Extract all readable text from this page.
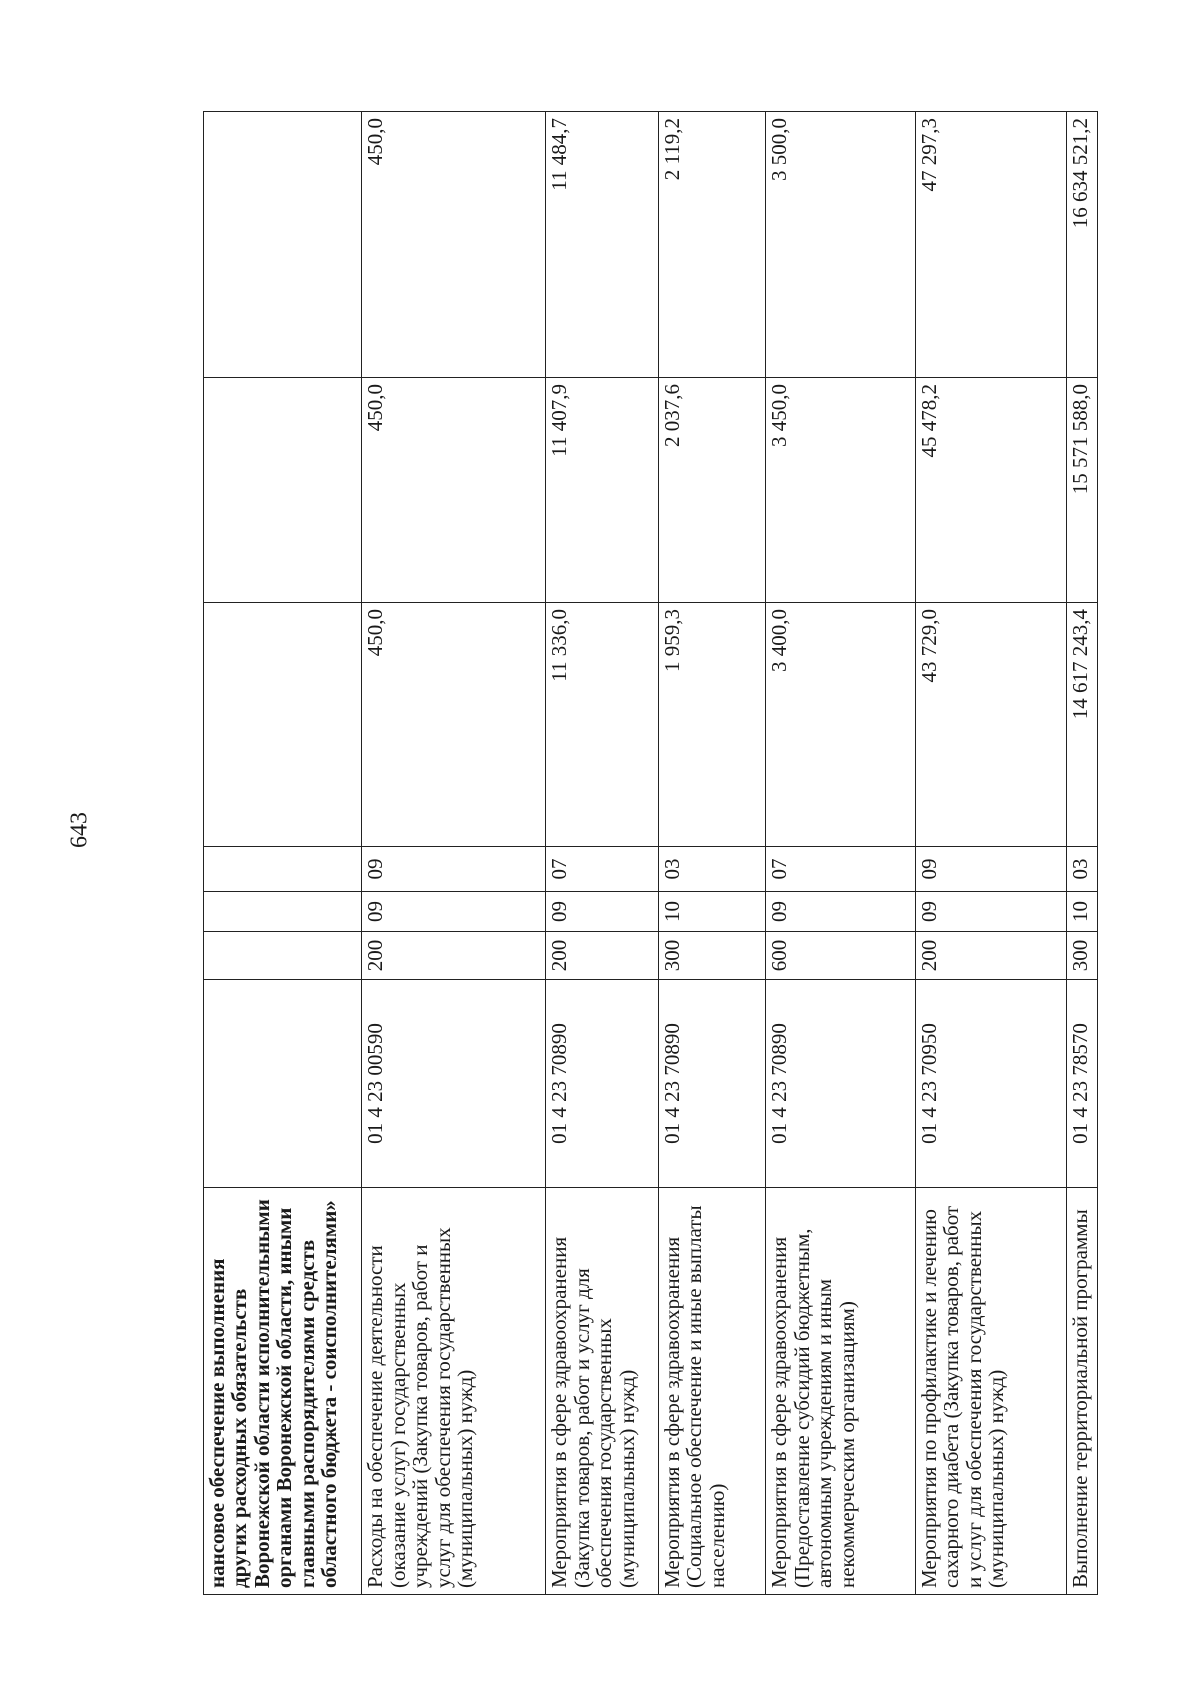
643
нансовое обеспечение выполнения других расходных обязательств Воронежской области исполнительными органами Воронежской области, иными главными распорядителями средств областного бюджета - соисполнителями»							
Расходы на обеспечение деятельности (оказание услуг) государственных учреждений (Закупка товаров, работ и услуг для обеспечения государственных (муниципальных) нужд)	01 4 23 00590	200	09	09	450,0	450,0	450,0
Мероприятия в сфере здравоохранения (Закупка товаров, работ и услуг для обеспечения государственных (муниципальных) нужд)	01 4 23 70890	200	09	07	11 336,0	11 407,9	11 484,7
Мероприятия в сфере здравоохранения (Социальное обеспечение и иные выплаты населению)	01 4 23 70890	300	10	03	1 959,3	2 037,6	2 119,2
Мероприятия в сфере здравоохранения (Предоставление субсидий бюджетным, автономным учреждениям и иным некоммерческим организациям)	01 4 23 70890	600	09	07	3 400,0	3 450,0	3 500,0
Мероприятия по профилактике и лечению сахарного диабета (Закупка товаров, работ и услуг для обеспечения государственных (муниципальных) нужд)	01 4 23 70950	200	09	09	43 729,0	45 478,2	47 297,3
Выполнение территориальной программы	01 4 23 78570	300	10	03	14 617 243,4	15 571 588,0	16 634 521,2
